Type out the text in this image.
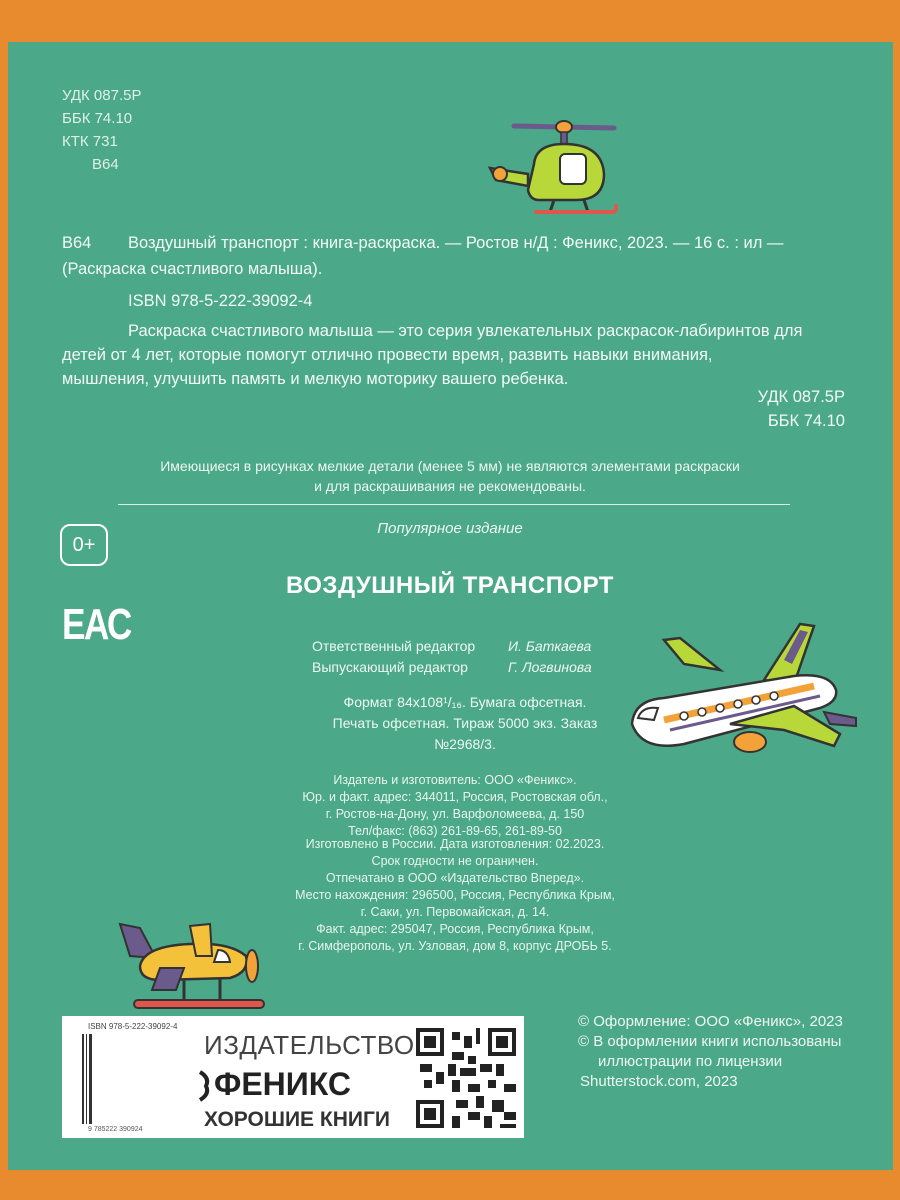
УДК 087.5Р
ББК 74.10
КТК 731
В64
В64 Воздушный транспорт : книга-раскраска. — Ростов н/Д : Феникс, 2023. — 16 с. : ил —
(Раскраска счастливого малыша).
ISBN 978-5-222-39092-4
Раскраска счастливого малыша — это серия увлекательных раскрасок-лабиринтов для
детей от 4 лет, которые помогут отлично провести время, развить навыки внимания,
мышления, улучшить память и мелкую моторику вашего ребенка.
УДК 087.5Р
ББК 74.10
Имеющиеся в рисунках мелкие детали (менее 5 мм) не являются элементами раскраски
и для раскрашивания не рекомендованы.
0+
Популярное издание
ЕАС
ВОЗДУШНЫЙ ТРАНСПОРТ
Ответственный редактор
Выпускающий редактор
И. Баткаева
Г. Логвинова
Формат 84x108¹/₁₆. Бумага офсетная.
Печать офсетная. Тираж 5000 экз. Заказ №2968/3.
Издатель и изготовитель: ООО «Феникс».
Юр. и факт. адрес: 344011, Россия, Ростовская обл.,
г. Ростов-на-Дону, ул. Варфоломеева, д. 150
Тел/факс: (863) 261-89-65, 261-89-50
Изготовлено в России. Дата изготовления: 02.2023.
Срок годности не ограничен.
Отпечатано в ООО «Издательство Вперед».
Место нахождения: 296500, Россия, Республика Крым,
г. Саки, ул. Первомайская, д. 14.
Факт. адрес: 295047, Россия, Республика Крым,
г. Симферополь, ул. Узловая, дом 8, корпус ДРОБЬ 5.
ISBN 978-5-222-39092-4
ИЗДАТЕЛЬСТВО
ФЕНИКС
ХОРОШИЕ КНИГИ
9 785222 390924
© Оформление: ООО «Феникс», 2023
© В оформлении книги использованы
иллюстрации по лицензии
Shutterstock.com, 2023
